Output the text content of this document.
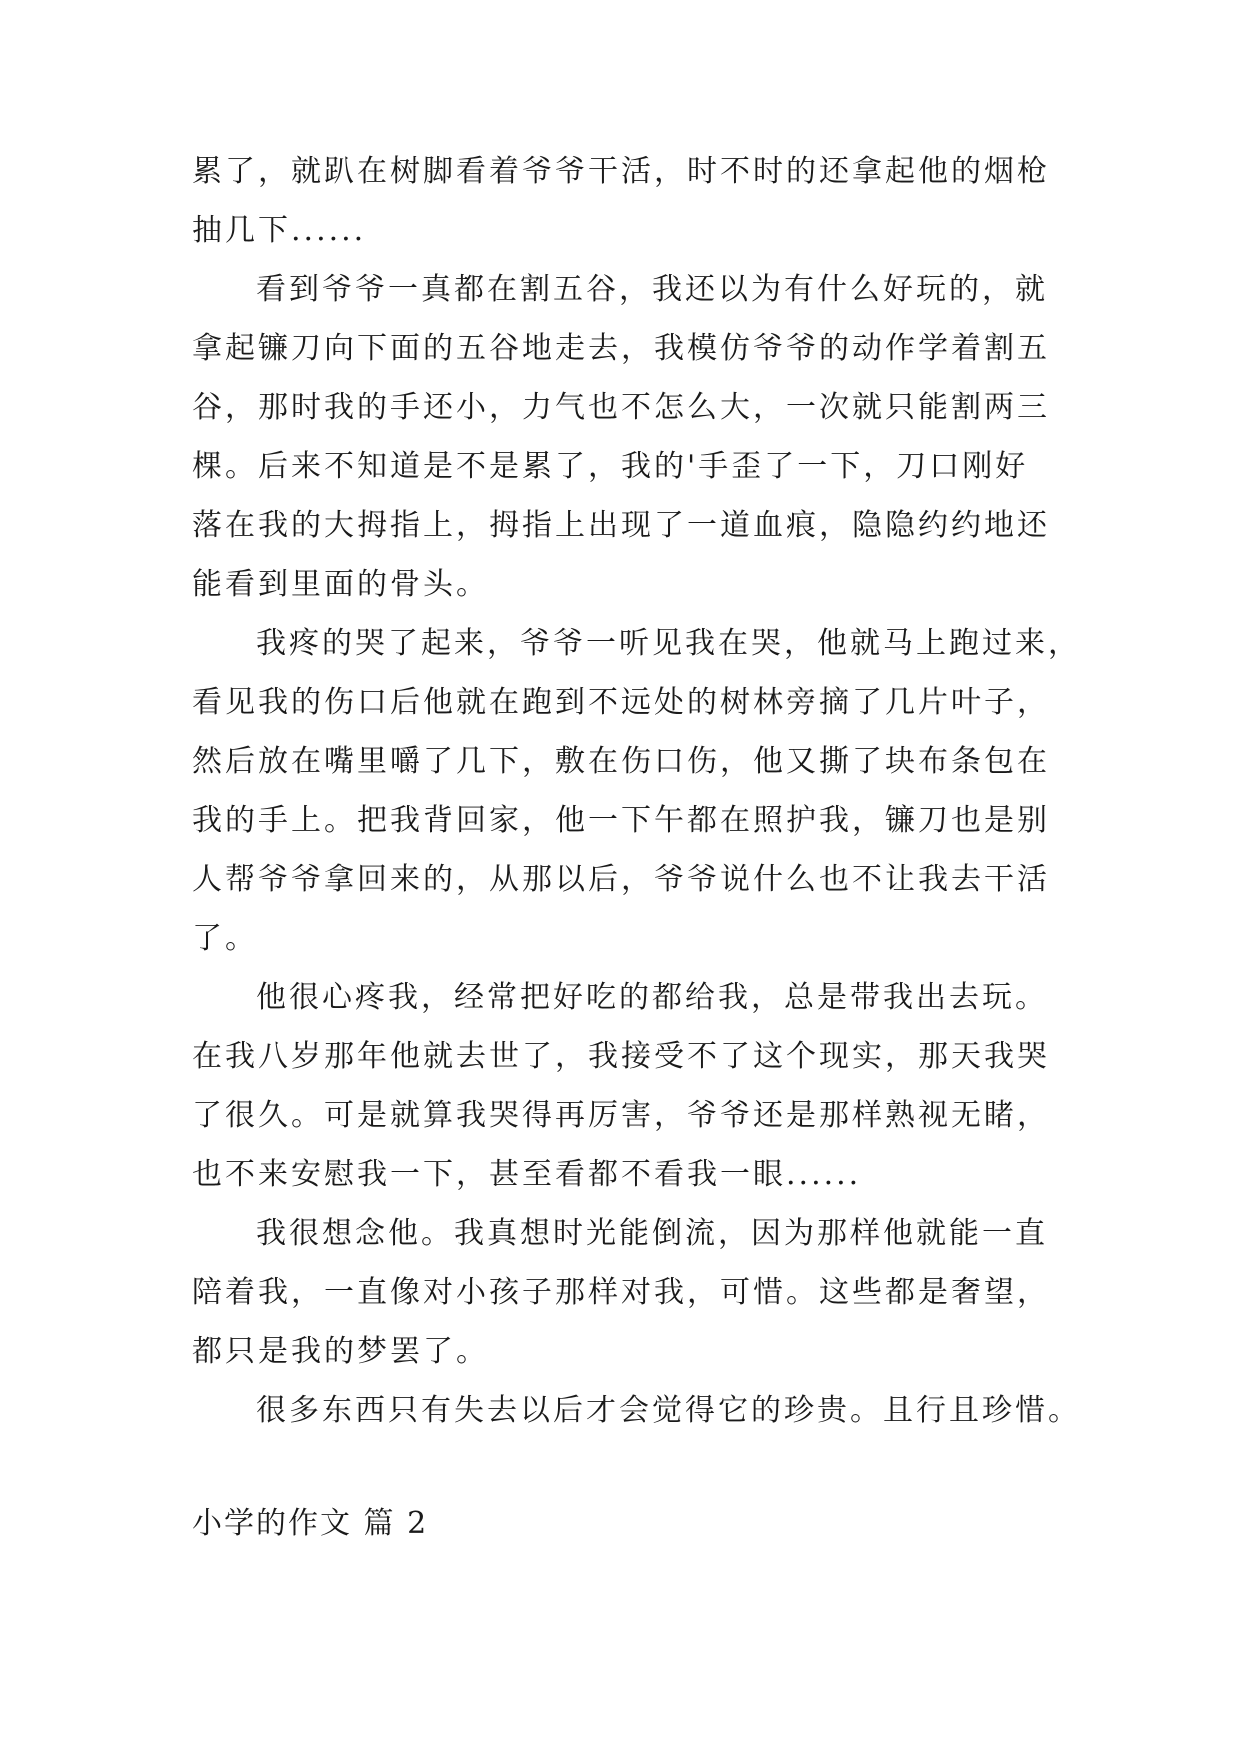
累了，就趴在树脚看着爷爷干活，时不时的还拿起他的烟枪

抽几下......

看到爷爷一真都在割五谷，我还以为有什么好玩的，就

拿起镰刀向下面的五谷地走去，我模仿爷爷的动作学着割五

谷，那时我的手还小，力气也不怎么大，一次就只能割两三

棵。后来不知道是不是累了，我的'手歪了一下，刀口刚好

落在我的大拇指上，拇指上出现了一道血痕，隐隐约约地还

能看到里面的骨头。

我疼的哭了起来，爷爷一听见我在哭，他就马上跑过来，

看见我的伤口后他就在跑到不远处的树林旁摘了几片叶子，

然后放在嘴里嚼了几下，敷在伤口伤，他又撕了块布条包在

我的手上。把我背回家，他一下午都在照护我，镰刀也是别

人帮爷爷拿回来的，从那以后，爷爷说什么也不让我去干活

了。

他很心疼我，经常把好吃的都给我，总是带我出去玩。

在我八岁那年他就去世了，我接受不了这个现实，那天我哭

了很久。可是就算我哭得再厉害，爷爷还是那样熟视无睹，

也不来安慰我一下，甚至看都不看我一眼......

我很想念他。我真想时光能倒流，因为那样他就能一直

陪着我，一直像对小孩子那样对我，可惜。这些都是奢望，

都只是我的梦罢了。

很多东西只有失去以后才会觉得它的珍贵。且行且珍惜。

小学的作文 篇 2
